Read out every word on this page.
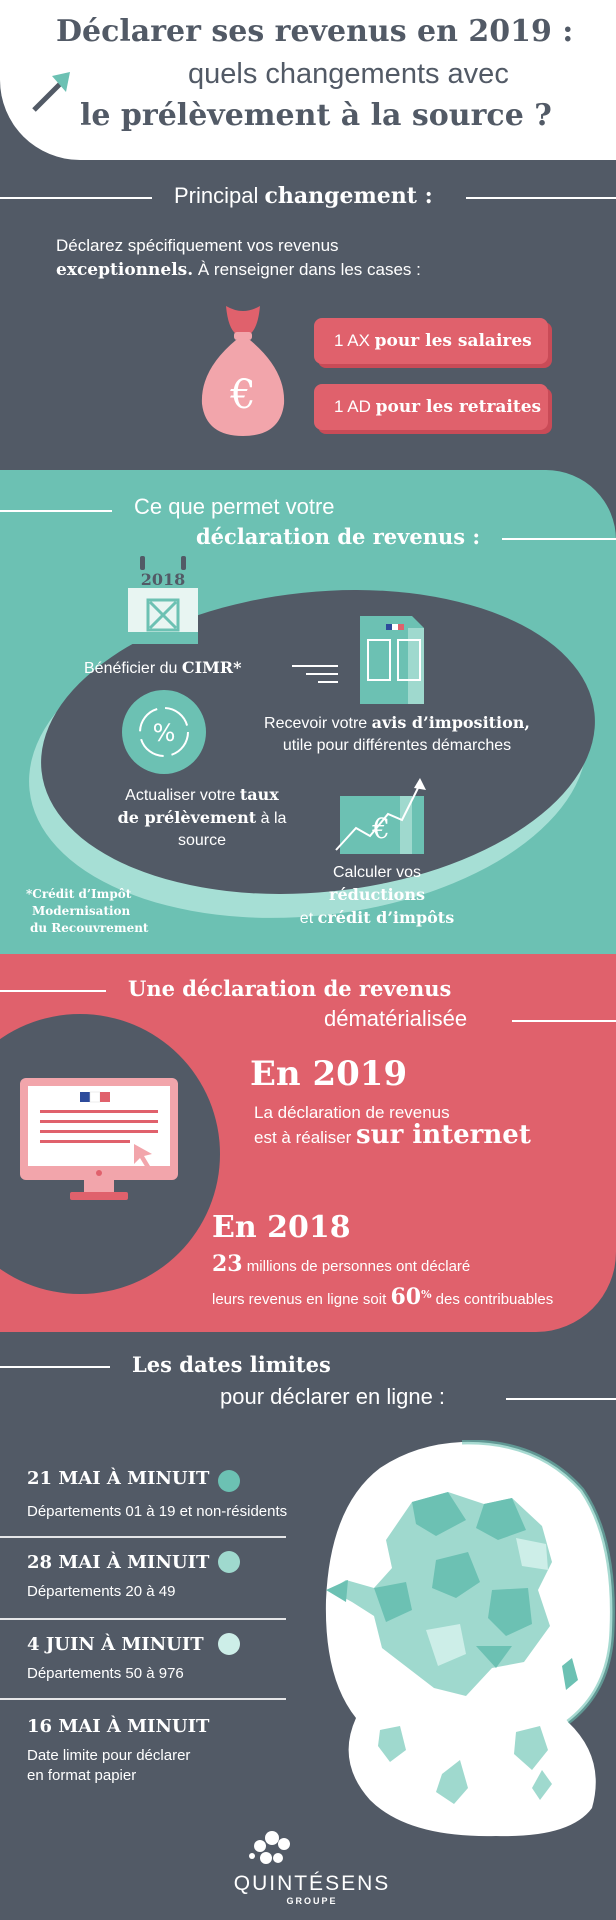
Déclarer ses revenus en 2019 :
quels changements avec
le prélèvement à la source ?
Principal changement :
Déclarez spécifiquement vos revenus
exceptionnels. À renseigner dans les cases :
€
1 AX pour les salaires
1 AD pour les retraites
Ce que permet votre
déclaration de revenus :
2018
Bénéficier du CIMR*
Recevoir votre avis d’imposition,
utile pour différentes démarches
%
Actualiser votre taux
de prélèvement à la source	€
Calculer vos réductions
et crédit d’impôts
*Crédit d’Impôt
Modernisation
du Recouvrement
Une déclaration de revenus
dématérialisée
En 2019
La déclaration de revenus
est à réaliser sur internet
En 2018
23 millions de personnes ont déclaré
leurs revenus en ligne soit 60% des contribuables
Les dates limites
pour déclarer en ligne :
21 MAI À MINUIT
Départements 01 à 19 et non-résidents
28 MAI À MINUIT
Départements 20 à 49
4 JUIN À MINUIT
Départements 50 à 976
16 MAI À MINUIT
Date limite pour déclarer
en format papier
QUINTÉSENS
GROUPE
